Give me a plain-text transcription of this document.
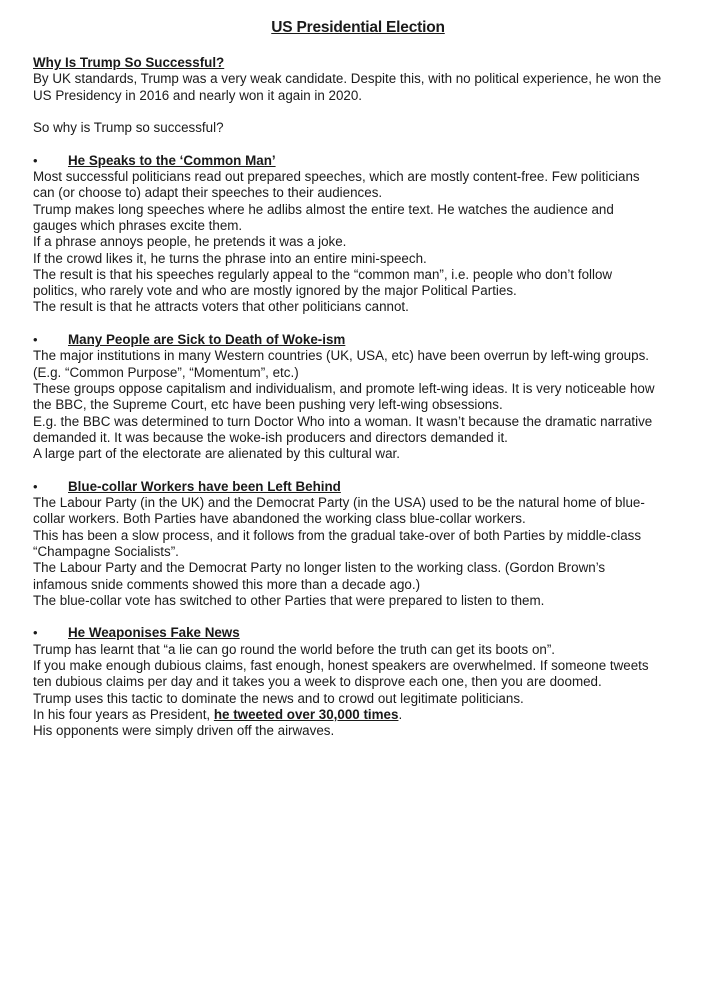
US Presidential Election
Why Is Trump So Successful?

By UK standards, Trump was a very weak candidate. Despite this, with no political experience, he won the

US Presidency in 2016 and nearly won it again in 2020.

So why is Trump so successful?

•	He Speaks to the ‘Common Man’

Most successful politicians read out prepared speeches, which are mostly content-free. Few politicians

can (or choose to) adapt their speeches to their audiences.

Trump makes long speeches where he adlibs almost the entire text. He watches the audience and

gauges which phrases excite them.

If a phrase annoys people, he pretends it was a joke.

If the crowd likes it, he turns the phrase into an entire mini-speech.

The result is that his speeches regularly appeal to the “common man”, i.e. people who don’t follow

politics, who rarely vote and who are mostly ignored by the major Political Parties.

The result is that he attracts voters that other politicians cannot.

•	Many People are Sick to Death of Woke-ism

The major institutions in many Western countries (UK, USA, etc) have been overrun by left-wing groups.

(E.g. “Common Purpose”, “Momentum”, etc.)

These groups oppose capitalism and individualism, and promote left-wing ideas. It is very noticeable how

the BBC, the Supreme Court, etc have been pushing very left-wing obsessions.

E.g. the BBC was determined to turn Doctor Who into a woman. It wasn’t because the dramatic narrative

demanded it. It was because the woke-ish producers and directors demanded it.

A large part of the electorate are alienated by this cultural war.

•	Blue-collar Workers have been Left Behind

The Labour Party (in the UK) and the Democrat Party (in the USA) used to be the natural home of blue-

collar workers. Both Parties have abandoned the working class blue-collar workers.

This has been a slow process, and it follows from the gradual take-over of both Parties by middle-class

“Champagne Socialists”.

The Labour Party and the Democrat Party no longer listen to the working class. (Gordon Brown’s

infamous snide comments showed this more than a decade ago.)

The blue-collar vote has switched to other Parties that were prepared to listen to them.

•	He Weaponises Fake News

Trump has learnt that “a lie can go round the world before the truth can get its boots on”.

If you make enough dubious claims, fast enough, honest speakers are overwhelmed. If someone tweets

ten dubious claims per day and it takes you a week to disprove each one, then you are doomed.

Trump uses this tactic to dominate the news and to crowd out legitimate politicians.

In his four years as President, he tweeted over 30,000 times.

His opponents were simply driven off the airwaves.
